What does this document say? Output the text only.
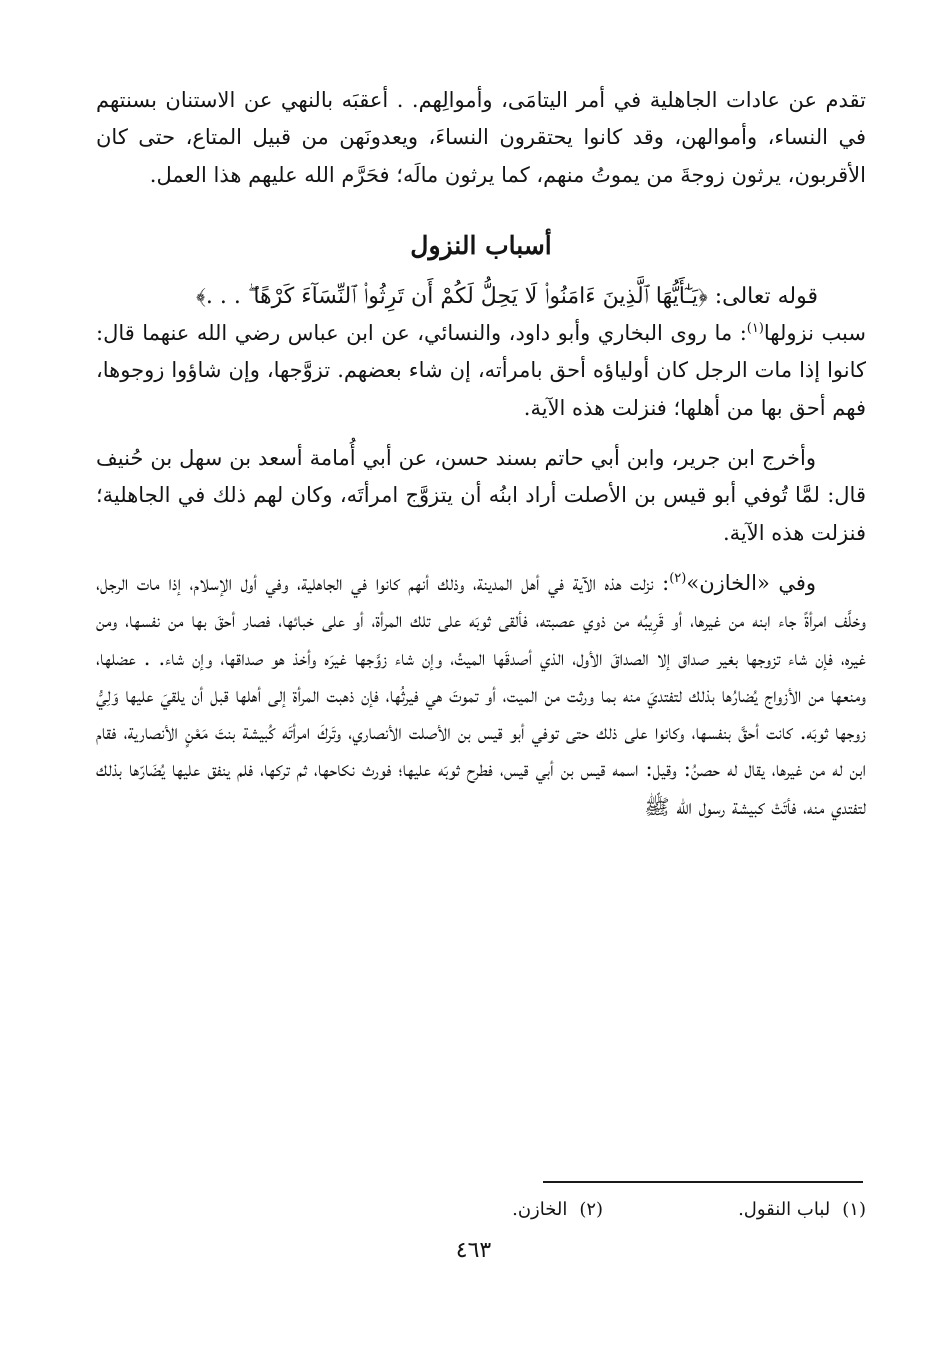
تقدم عن عادات الجاهلية في أمر اليتامَى، وأموالِهم. . أعقبَه بالنهي عن الاستنان بسنتهم في النساء، وأموالهن، وقد كانوا يحتقرون النساءَ، ويعدونَهن من قبيل المتاع، حتى كان الأقربون، يرثون زوجةَ من يموتُ منهم، كما يرثون مالَه؛ فحَرَّم الله عليهم هذا العمل.

أسباب النزول

قوله تعالى: ﴿يَـٰٓأَيُّهَا ٱلَّذِينَ ءَامَنُوا۟ لَا يَحِلُّ لَكُمْ أَن تَرِثُوا۟ ٱلنِّسَآءَ كَرْهًا ۖ . . .﴾

سبب نزولها$^{(١)}$: ما روى البخاري وأبو داود، والنسائي، عن ابن عباس رضي الله عنهما قال: كانوا إذا مات الرجل كان أولياؤه أحق بامرأته، إن شاء بعضهم. تزوَّجها، وإن شاؤوا زوجوها، فهم أحق بها من أهلها؛ فنزلت هذه الآية.

وأخرج ابن جرير، وابن أبي حاتم بسند حسن، عن أبي أُمامة أسعد بن سهل بن حُنيف قال: لمَّا تُوفي أبو قيس بن الأصلت أراد ابنُه أن يتزوَّج امرأتَه، وكان لهم ذلك في الجاهلية؛ فنزلت هذه الآية.

وفي «الخازن»$^{(٢)}$: نزلت هذه الآية في أهل المدينة، وذلك أنهم كانوا في الجاهلية، وفي أول الإسلام، إذا مات الرجل، وخلَّف امرأةً جاء ابنه من غيرها، أو قَرِيبُه من ذوي عصبته، فألقى ثوبَه على تلك المرأة، أو على خبائها، فصار أحقَ بها من نفسها، ومن غيره، فإن شاء تزوجها بغير صداق إلا الصداقَ الأول، الذي أصدقَها الميتُ، وإن شاء زوَّجها غيرَه وأخذ هو صداقها، وإن شاء. . عضلها، ومنعها من الأزواج يُضارُها بذلك لتفتديَ منه بما ورثت من الميت، أو تموتَ هي فيرثُها، فإن ذهبت المرأة إلى أهلها قبل أن يلقيَ عليها وَلِيُّ زوجها ثوبَه. كانت أحقَّ بنفسها، وكانوا على ذلك حتى توفي أبو قيس بن الأصلت الأنصاري، وتَركَ امرأتَه كُبيشة بنتَ مَعْنٍ الأنصارية، فقام ابن له من غيرها، يقال له حصنُ: وقيل: اسمه قيس بن أبي قيس، فطرح ثوبَه عليها؛ فورث نكاحها، ثم تركها، فلم ينفق عليها يُضَارّها بذلك لتفتدي منه، فأتَتْ كبيشة رسول الله ﷺ

(١)لباب النقول.
(٢)الخازن.
٤٦٣
